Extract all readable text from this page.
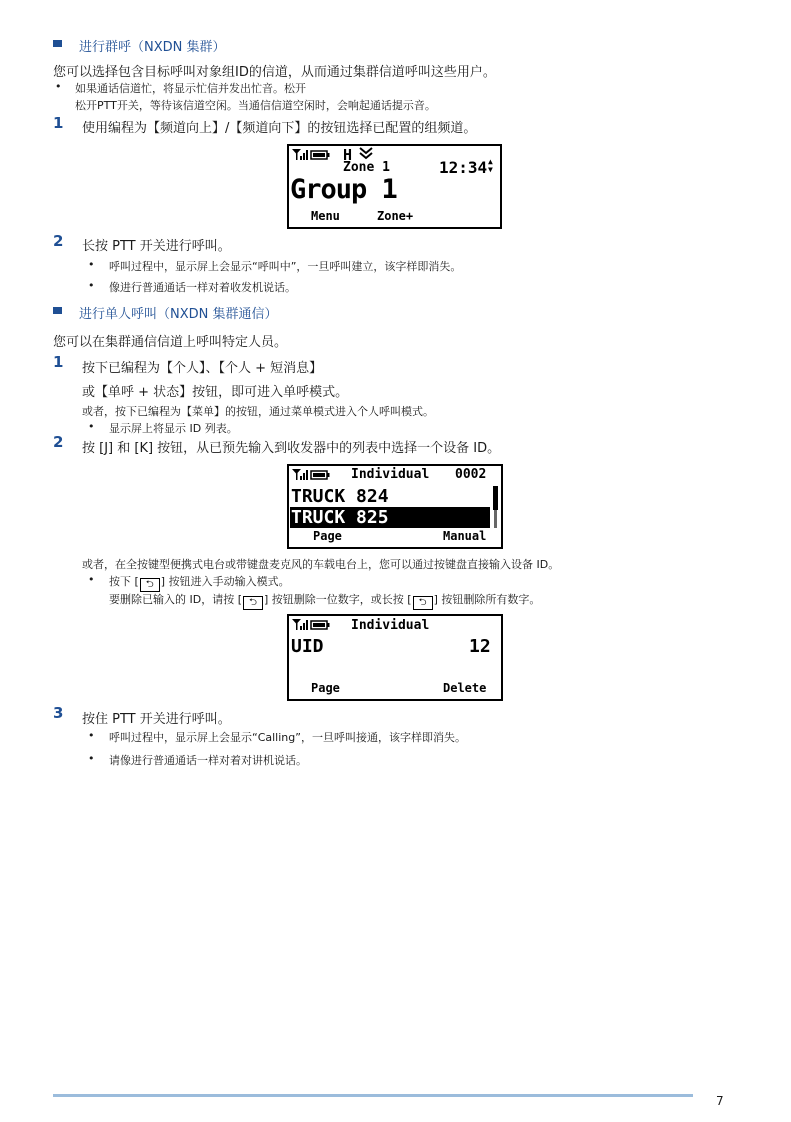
进行群呼（NXDN 集群）
您可以选择包含目标呼叫对象组ID的信道，从而通过集群信道呼叫这些用户。
• 如果通话信道忙，将显示忙信并发出忙音。松开
松开PTT开关，等待该信道空闲。当通信信道空闲时，会响起通话提示音。
1 使用编程为【频道向上】/【频道向下】的按钮选择已配置的组频道。
H
Zone 1	12:34 ▲
▼
Group 1
Menu	Zone+
2 长按 PTT 开关进行呼叫。
• 呼叫过程中，显示屏上会显示“呼叫中”，一旦呼叫建立，该字样即消失。
• 像进行普通通话一样对着收发机说话。
进行单人呼叫（NXDN 集群通信）
您可以在集群通信信道上呼叫特定人员。
1 按下已编程为【个人】、【个人 + 短消息】
或【单呼 + 状态】按钮，即可进入单呼模式。
或者，按下已编程为【菜单】的按钮，通过菜单模式进入个人呼叫模式。
• 显示屏上将显示 ID 列表。
2 按 [J] 和 [K] 按钮，从已预先输入到收发器中的列表中选择一个设备 ID。
Individual 0002
TRUCK 824
TRUCK 825
Page	Manual
或者，在全按键型便携式电台或带键盘麦克风的车载电台上，您可以通过按键盘直接输入设备 ID。
• 按下 [ ⮌ ] 按钮进入手动输入模式。
要删除已输入的 ID，请按 [ ⮌ ] 按钮删除一位数字，或长按 [ ⮌ ] 按钮删除所有数字。
Individual
UID	12
Page	Delete
3 按住 PTT 开关进行呼叫。
• 呼叫过程中，显示屏上会显示“Calling”，一旦呼叫接通，该字样即消失。
• 请像进行普通通话一样对着对讲机说话。
7
